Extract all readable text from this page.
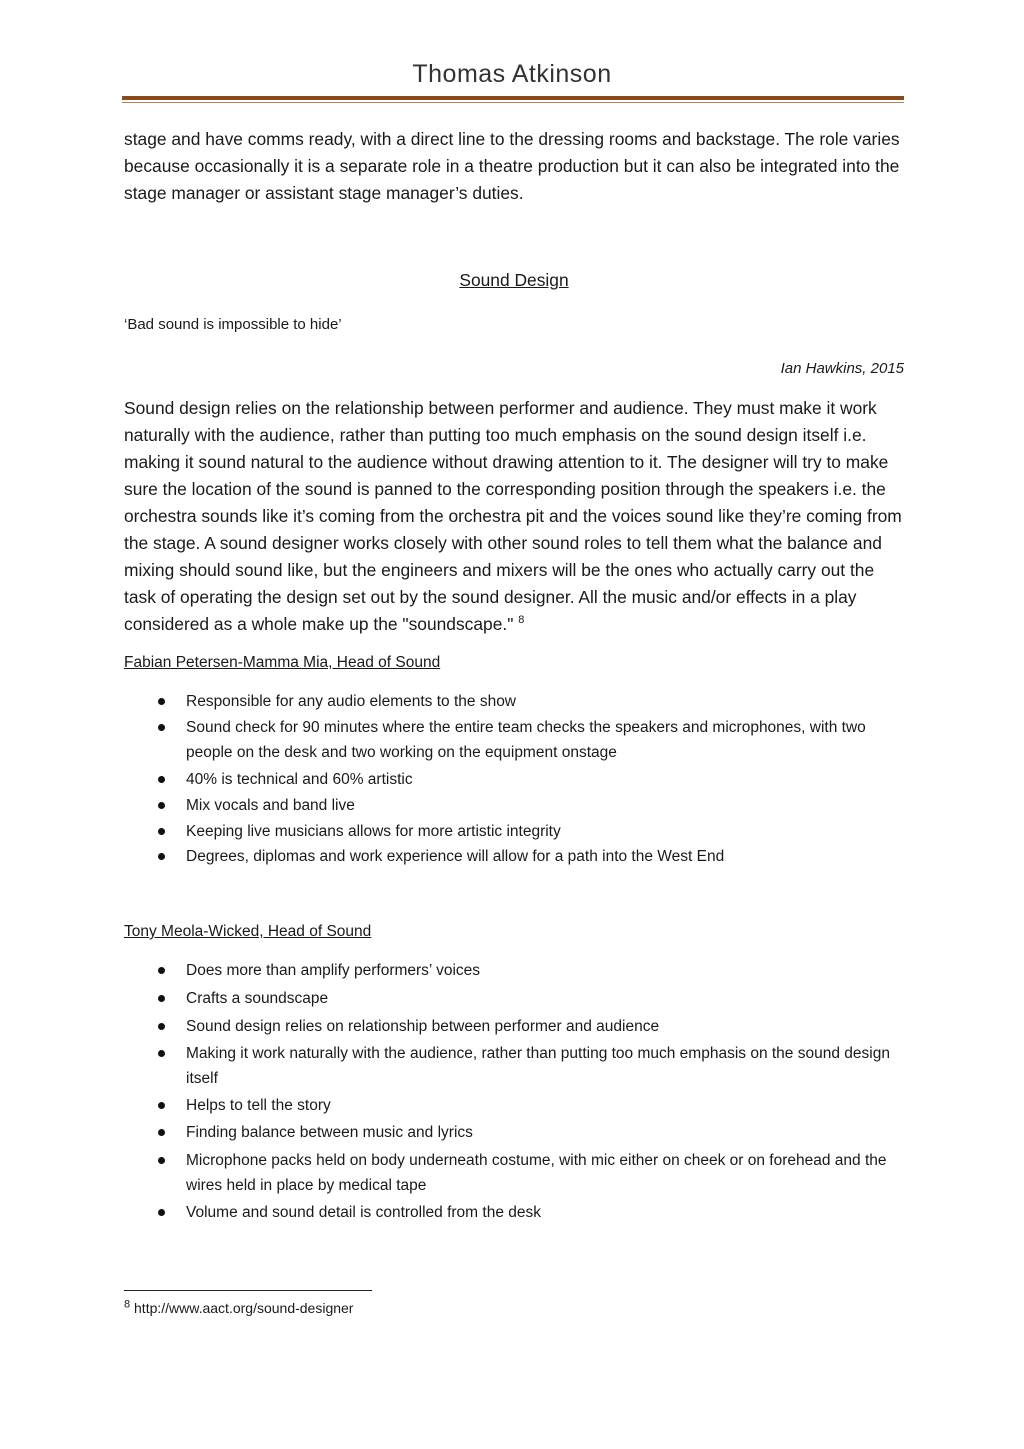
Thomas Atkinson

stage and have comms ready, with a direct line to the dressing rooms and backstage. The role varies because occasionally it is a separate role in a theatre production but it can also be integrated into the stage manager or assistant stage manager’s duties.

Sound Design
‘Bad sound is impossible to hide’
Ian Hawkins, 2015

Sound design relies on the relationship between performer and audience. They must make it work naturally with the audience, rather than putting too much emphasis on the sound design itself i.e. making it sound natural to the audience without drawing attention to it. The designer will try to make sure the location of the sound is panned to the corresponding position through the speakers i.e. the orchestra sounds like it’s coming from the orchestra pit and the voices sound like they’re coming from the stage. A sound designer works closely with other sound roles to tell them what the balance and mixing should sound like, but the engineers and mixers will be the ones who actually carry out the task of operating the design set out by the sound designer. All the music and/or effects in a play considered as a whole make up the "soundscape." $^8$

Fabian Petersen-Mamma Mia, Head of Sound
Responsible for any audio elements to the show
Sound check for 90 minutes where the entire team checks the speakers and microphones, with two people on the desk and two working on the equipment onstage
40% is technical and 60% artistic
Mix vocals and band live
Keeping live musicians allows for more artistic integrity
Degrees, diplomas and work experience will allow for a path into the West End
Tony Meola-Wicked, Head of Sound
Does more than amplify performers’ voices
Crafts a soundscape
Sound design relies on relationship between performer and audience
Making it work naturally with the audience, rather than putting too much emphasis on the sound design itself
Helps to tell the story
Finding balance between music and lyrics
Microphone packs held on body underneath costume, with mic either on cheek or on forehead and the wires held in place by medical tape
Volume and sound detail is controlled from the desk
$^8$ http://www.aact.org/sound-designer
